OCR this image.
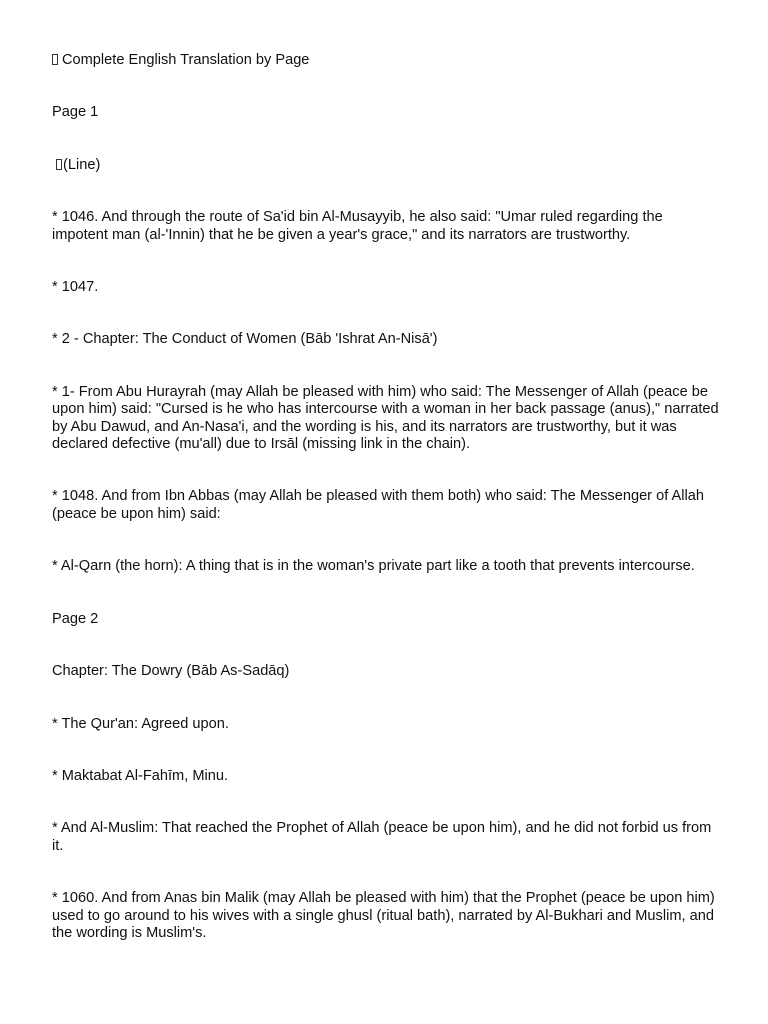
Complete English Translation by Page

Page 1

(Line)

* 1046. And through the route of Sa'id bin Al-Musayyib, he also said: "Umar ruled regarding the impotent man (al-'Innin) that he be given a year's grace," and its narrators are trustworthy.

* 1047.

* 2 - Chapter: The Conduct of Women (Bāb 'Ishrat An-Nisā')

* 1- From Abu Hurayrah (may Allah be pleased with him) who said: The Messenger of Allah (peace be upon him) said: "Cursed is he who has intercourse with a woman in her back passage (anus)," narrated by Abu Dawud, and An-Nasa'i, and the wording is his, and its narrators are trustworthy, but it was declared defective (mu'all) due to Irsāl (missing link in the chain).

* 1048. And from Ibn Abbas (may Allah be pleased with them both) who said: The Messenger of Allah (peace be upon him) said:

* Al-Qarn (the horn): A thing that is in the woman's private part like a tooth that prevents intercourse.

Page 2

Chapter: The Dowry (Bāb As-Sadāq)

* The Qur'an: Agreed upon.

* Maktabat Al-Fahīm, Minu.

* And Al-Muslim: That reached the Prophet of Allah (peace be upon him), and he did not forbid us from it.

* 1060. And from Anas bin Malik (may Allah be pleased with him) that the Prophet (peace be upon him) used to go around to his wives with a single ghusl (ritual bath), narrated by Al-Bukhari and Muslim, and the wording is Muslim's.
